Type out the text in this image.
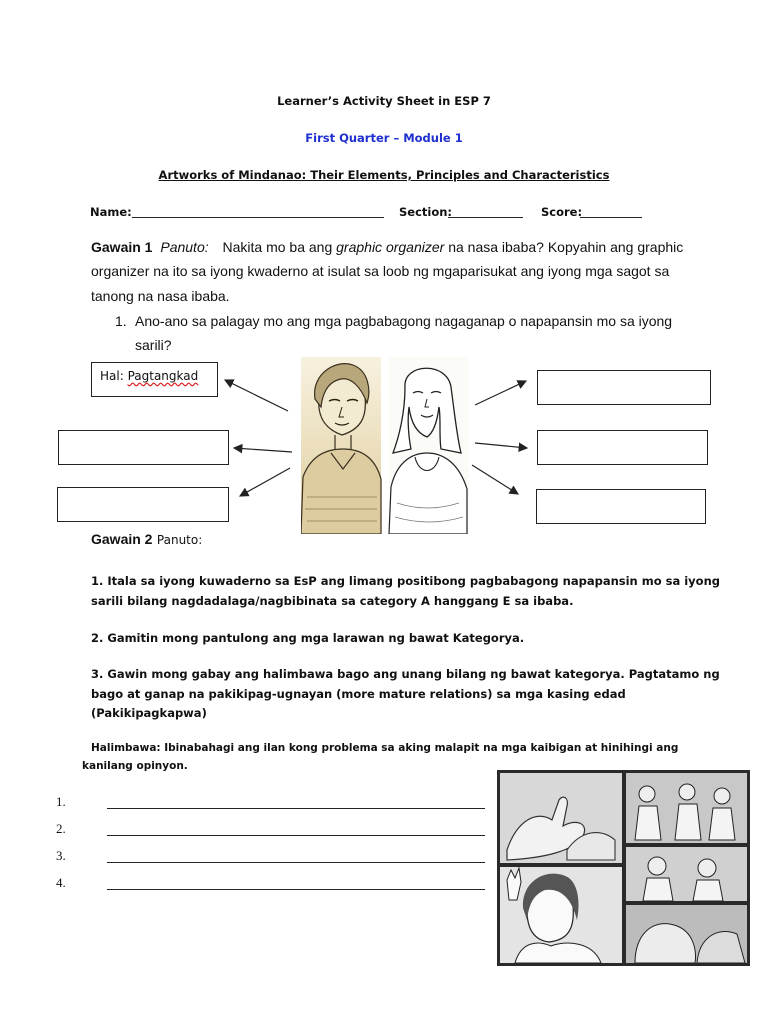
Learner’s Activity Sheet in ESP 7
First Quarter – Module 1
Artworks of Mindanao: Their Elements, Principles and Characteristics
Name:	Section:	Score:
Gawain 1 Panuto: Nakita mo ba ang graphic organizer na nasa ibaba? Kopyahin ang graphic
organizer na ito sa iyong kwaderno at isulat sa loob ng mgaparisukat ang iyong mga sagot sa
tanong na nasa ibaba.
1. Ano-ano sa palagay mo ang mga pagbabagong nagaganap o napapansin mo sa iyong
sarili?
Hal: Pagtangkad
Gawain 2 Panuto:
1. Itala sa iyong kuwaderno sa EsP ang limang positibong pagbabagong napapansin mo sa iyong
sarili bilang nagdadalaga/nagbibinata sa category A hanggang E sa ibaba.
2. Gamitin mong pantulong ang mga larawan ng bawat Kategorya.
3. Gawin mong gabay ang halimbawa bago ang unang bilang ng bawat kategorya. Pagtatamo ng
bago at ganap na pakikipag-ugnayan (more mature relations) sa mga kasing edad
(Pakikipagkapwa)
Halimbawa: Ibinabahagi ang ilan kong problema sa aking malapit na mga kaibigan at hinihingi ang
kanilang opinyon.
1.
2.
3.
4.
